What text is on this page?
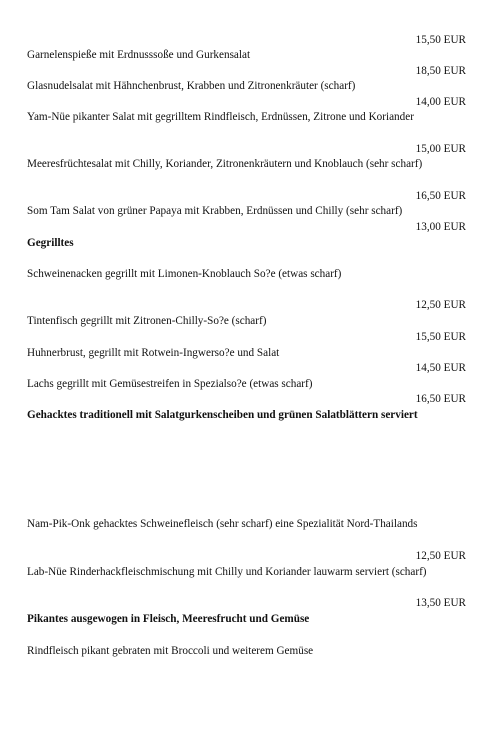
15,50 EUR
Garnelenspieße mit Erdnusssoße und Gurkensalat
18,50 EUR
Glasnudelsalat mit Hähnchenbrust, Krabben und Zitronenkräuter (scharf)
14,00 EUR
Yam-Nüe pikanter Salat mit gegrilltem Rindfleisch, Erdnüssen, Zitrone und Koriander
15,00 EUR
Meeresfrüchtesalat mit Chilly, Koriander, Zitronenkräutern und Knoblauch (sehr scharf)
16,50 EUR
Som Tam Salat von grüner Papaya mit Krabben, Erdnüssen und Chilly (sehr scharf)
13,00 EUR
Gegrilltes
Schweinenacken gegrillt mit Limonen-Knoblauch So?e (etwas scharf)
12,50 EUR
Tintenfisch gegrillt mit Zitronen-Chilly-So?e (scharf)
15,50 EUR
Huhnerbrust, gegrillt mit Rotwein-Ingwerso?e und Salat
14,50 EUR
Lachs gegrillt mit Gemüsestreifen in Spezialso?e (etwas scharf)
16,50 EUR
Gehacktes traditionell mit Salatgurkenscheiben und grünen Salatblättern serviert
Nam-Pik-Onk gehacktes Schweinefleisch (sehr scharf) eine Spezialität Nord-Thailands
12,50 EUR
Lab-Nüe Rinderhackfleischmischung mit Chilly und Koriander lauwarm serviert (scharf)
13,50 EUR
Pikantes ausgewogen in Fleisch, Meeresfrucht und Gemüse
Rindfleisch pikant gebraten mit Broccoli und weiterem Gemüse
